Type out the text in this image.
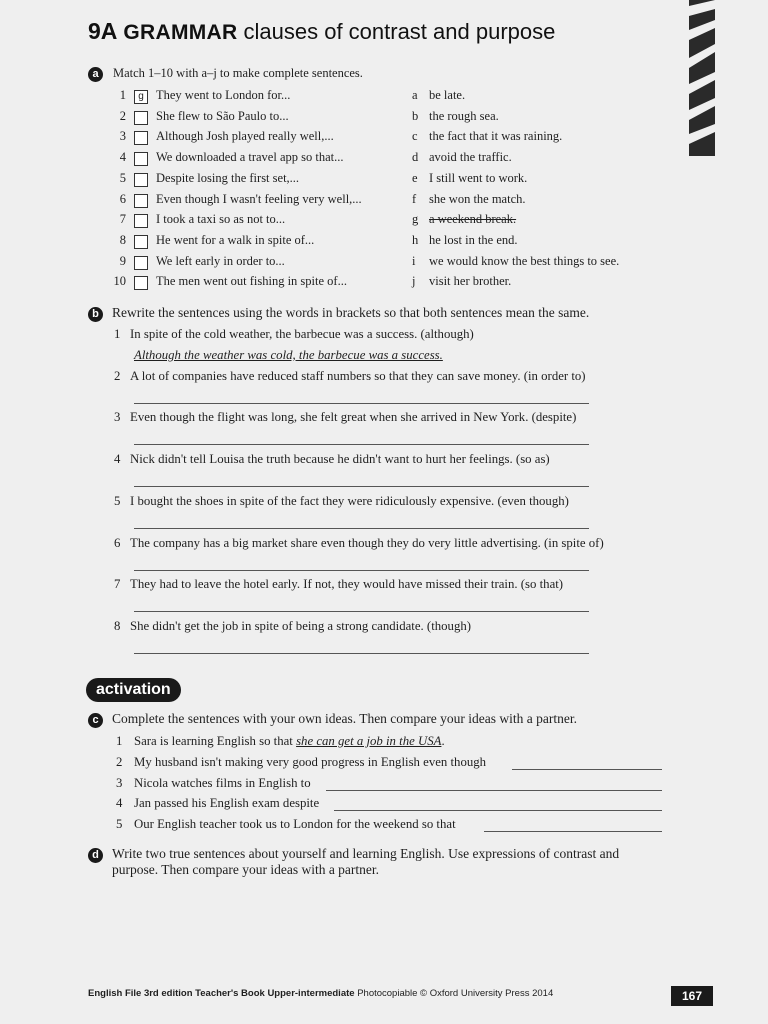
9A GRAMMAR clauses of contrast and purpose
a	Match 1–10 with a–j to make complete sentences.
1	g They went to London for...	a be late.
2 She flew to São Paulo to...	b the rough sea.
3 Although Josh played really well,...	c the fact that it was raining.
4 We downloaded a travel app so that...	d avoid the traffic.
5 Despite losing the first set,...	e I still went to work.
6 Even though I wasn't feeling very well,...	f she won the match.
7 I took a taxi so as not to...	g a weekend break.
8 He went for a walk in spite of...	h he lost in the end.
9 We left early in order to...	i we would know the best things to see.
10 The men went out fishing in spite of...	j visit her brother.
b Rewrite the sentences using the words in brackets so that both sentences mean the same.
1 In spite of the cold weather, the barbecue was a success. (although)
Although the weather was cold, the barbecue was a success.
2 A lot of companies have reduced staff numbers so that they can save money. (in order to)
3 Even though the flight was long, she felt great when she arrived in New York. (despite)
4 Nick didn't tell Louisa the truth because he didn't want to hurt her feelings. (so as)
5 I bought the shoes in spite of the fact they were ridiculously expensive. (even though)
6 The company has a big market share even though they do very little advertising. (in spite of)
7 They had to leave the hotel early. If not, they would have missed their train. (so that)
8 She didn't get the job in spite of being a strong candidate. (though)
activation
c Complete the sentences with your own ideas. Then compare your ideas with a partner.
1 Sara is learning English so that she can get a job in the USA.
2 My husband isn't making very good progress in English even though
3 Nicola watches films in English to
4 Jan passed his English exam despite
5 Our English teacher took us to London for the weekend so that
d Write two true sentences about yourself and learning English. Use expressions of contrast and
purpose. Then compare your ideas with a partner.
English File 3rd edition Teacher's Book Upper-intermediate Photocopiable © Oxford University Press 2014	167
